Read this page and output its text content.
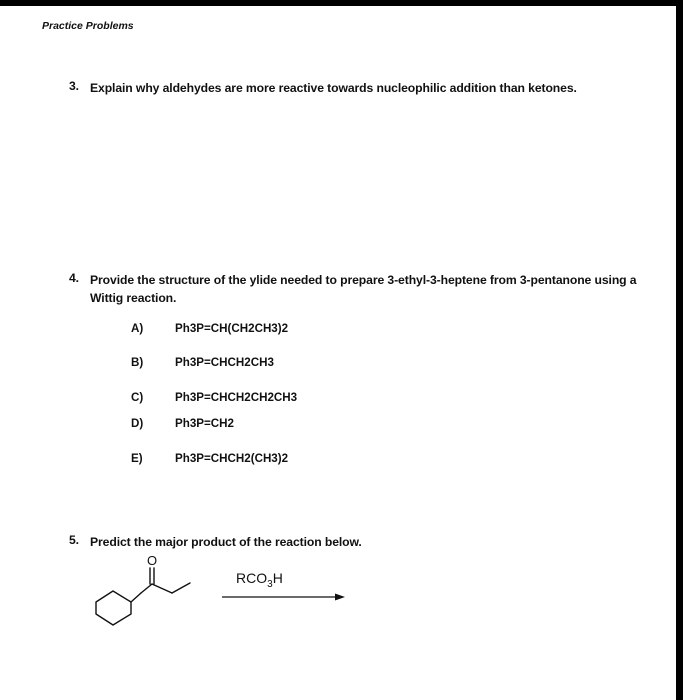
Practice Problems
3. Explain why aldehydes are more reactive towards nucleophilic addition than ketones.
4. Provide the structure of the ylide needed to prepare 3-ethyl-3-heptene from 3-pentanone using a
Wittig reaction.
A)	Ph3P=CH(CH2CH3)2
B)	Ph3P=CHCH2CH3
C)	Ph3P=CHCH2CH2CH3
D)	Ph3P=CH2
E)	Ph3P=CHCH2(CH3)2
5. Predict the major product of the reaction below.
O
$RCO_3H$
